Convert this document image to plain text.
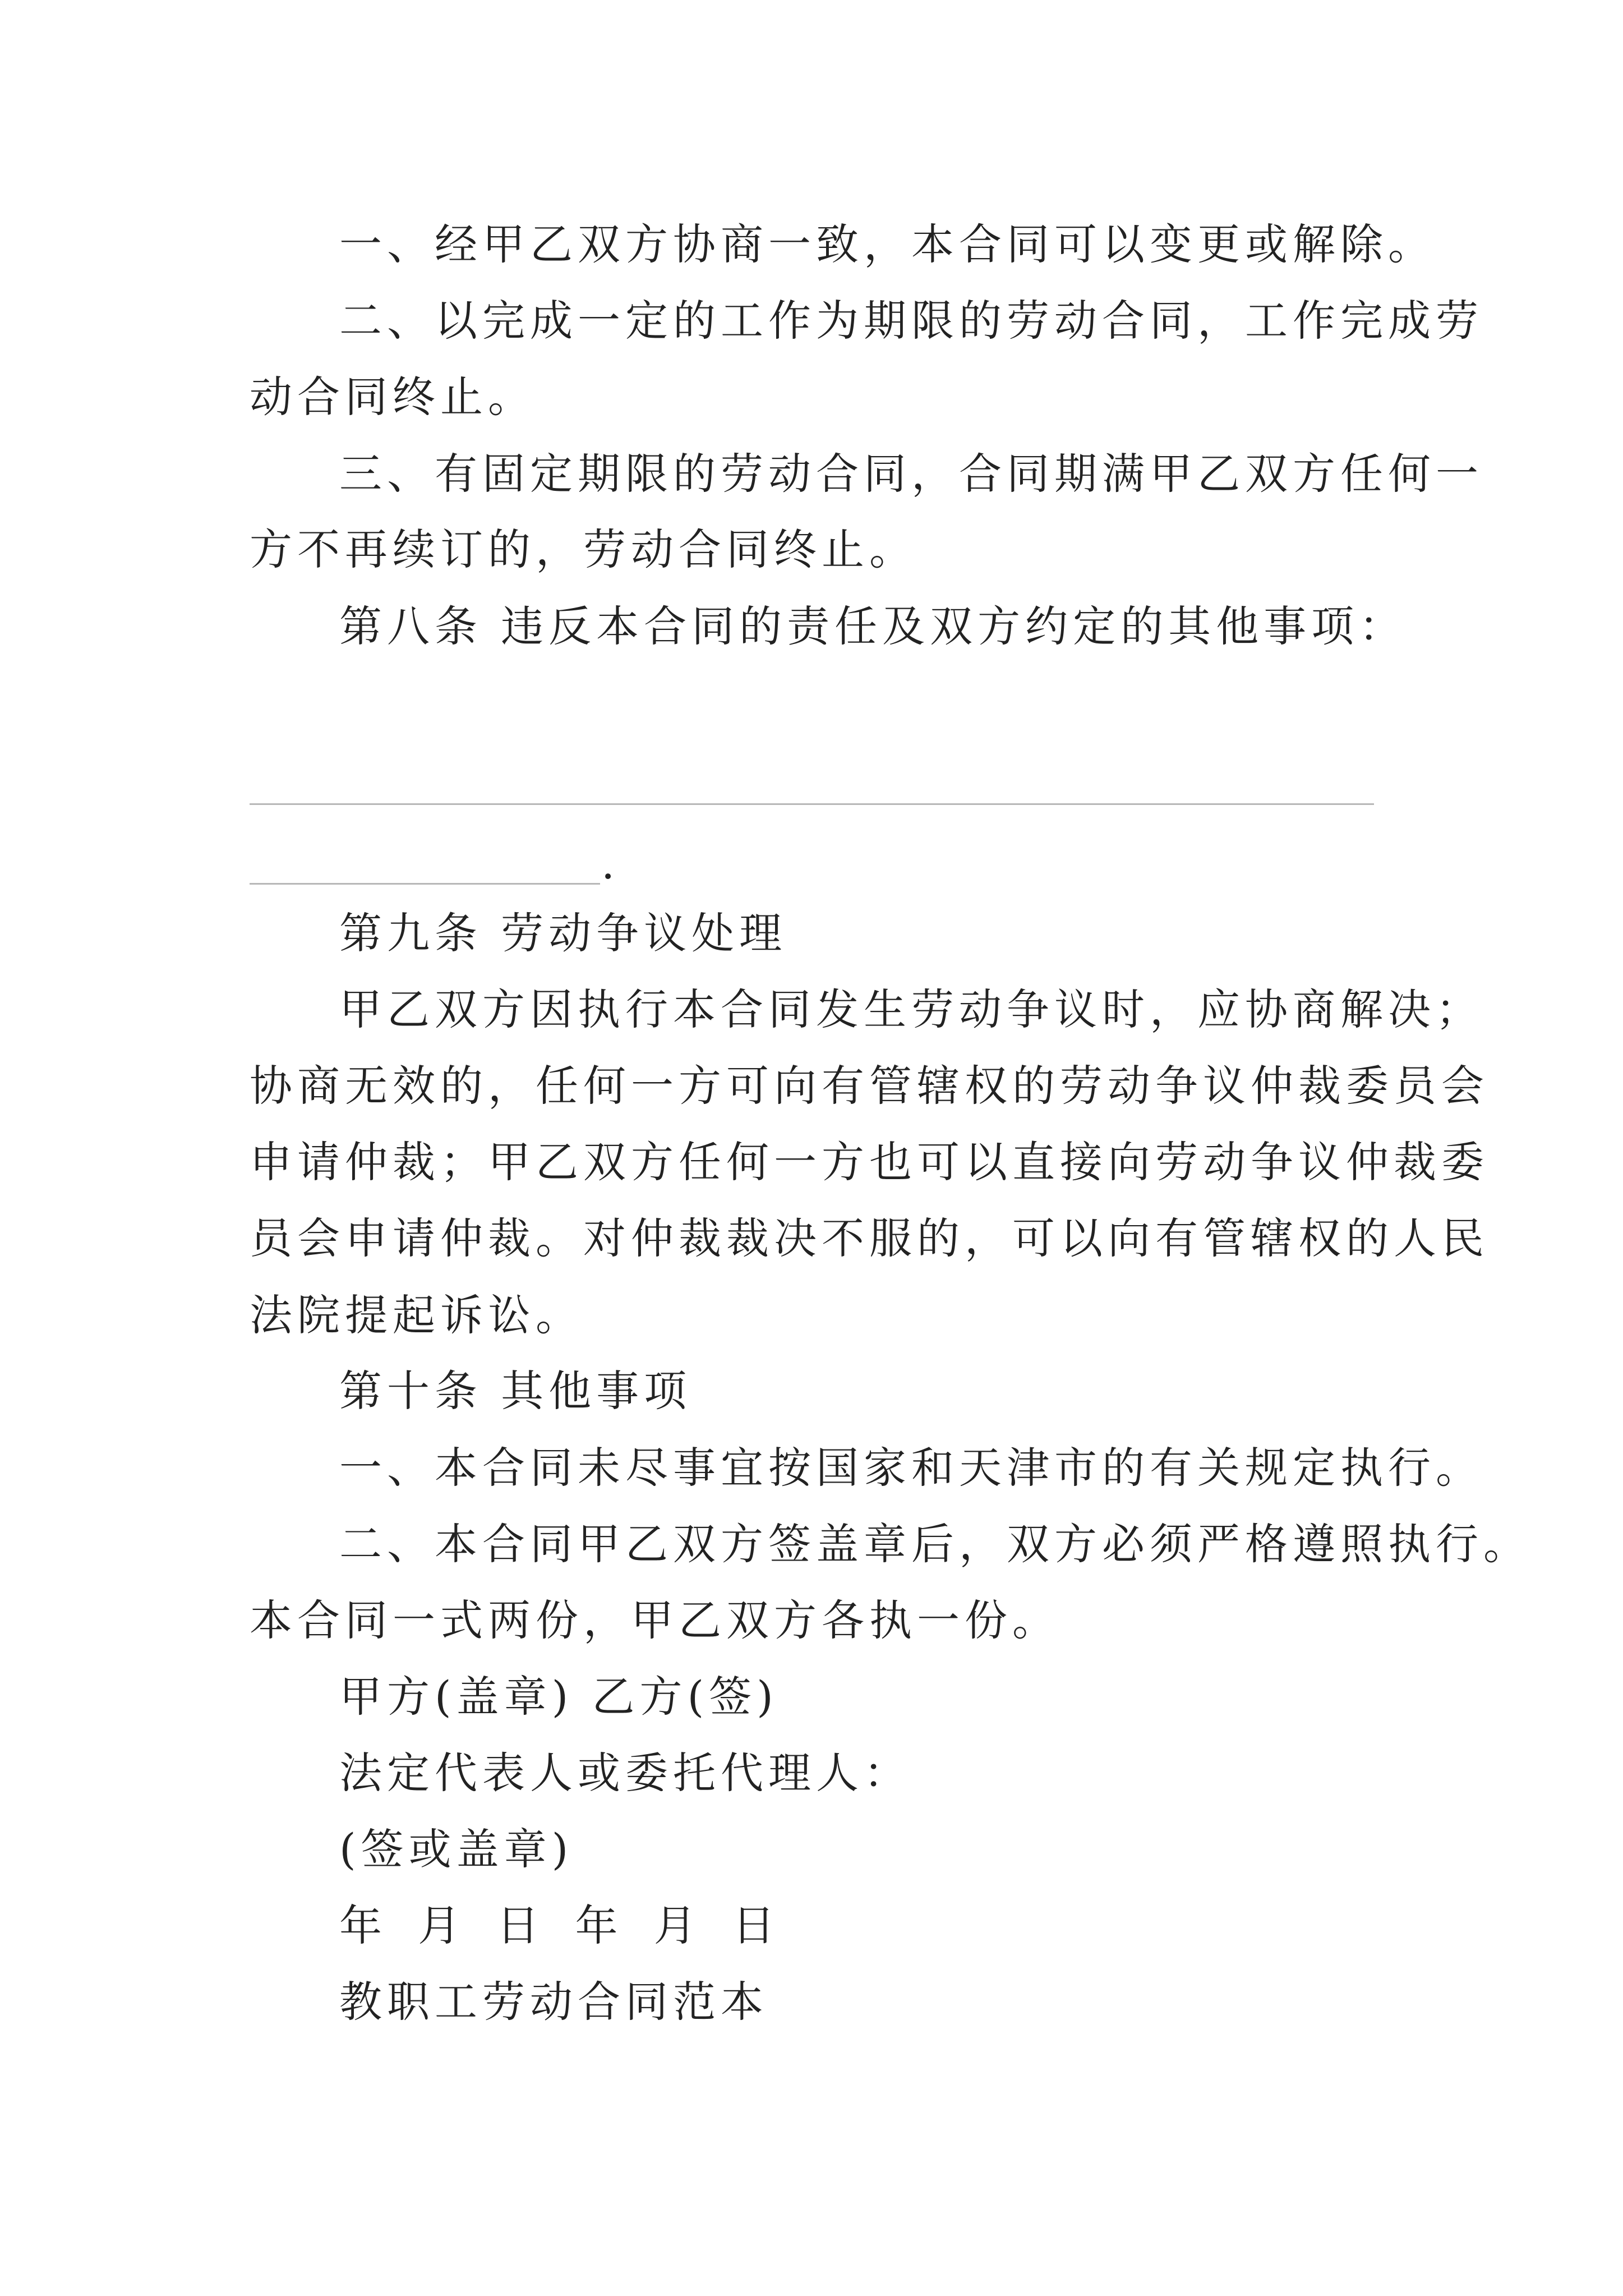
一、经甲乙双方协商一致，本合同可以变更或解除。

二、以完成一定的工作为期限的劳动合同，工作完成劳

动合同终止。

三、有固定期限的劳动合同，合同期满甲乙双方任何一

方不再续订的，劳动合同终止。

第八条 违反本合同的责任及双方约定的其他事项：

.

第九条 劳动争议处理

甲乙双方因执行本合同发生劳动争议时，应协商解决；

协商无效的，任何一方可向有管辖权的劳动争议仲裁委员会

申请仲裁；甲乙双方任何一方也可以直接向劳动争议仲裁委

员会申请仲裁。对仲裁裁决不服的，可以向有管辖权的人民

法院提起诉讼。

第十条 其他事项

一、本合同未尽事宜按国家和天津市的有关规定执行。

二、本合同甲乙双方签盖章后，双方必须严格遵照执行。

本合同一式两份，甲乙双方各执一份。

甲方(盖章) 乙方(签)

法定代表人或委托代理人：

(签或盖章)

年 月 日 年 月 日

教职工劳动合同范本
